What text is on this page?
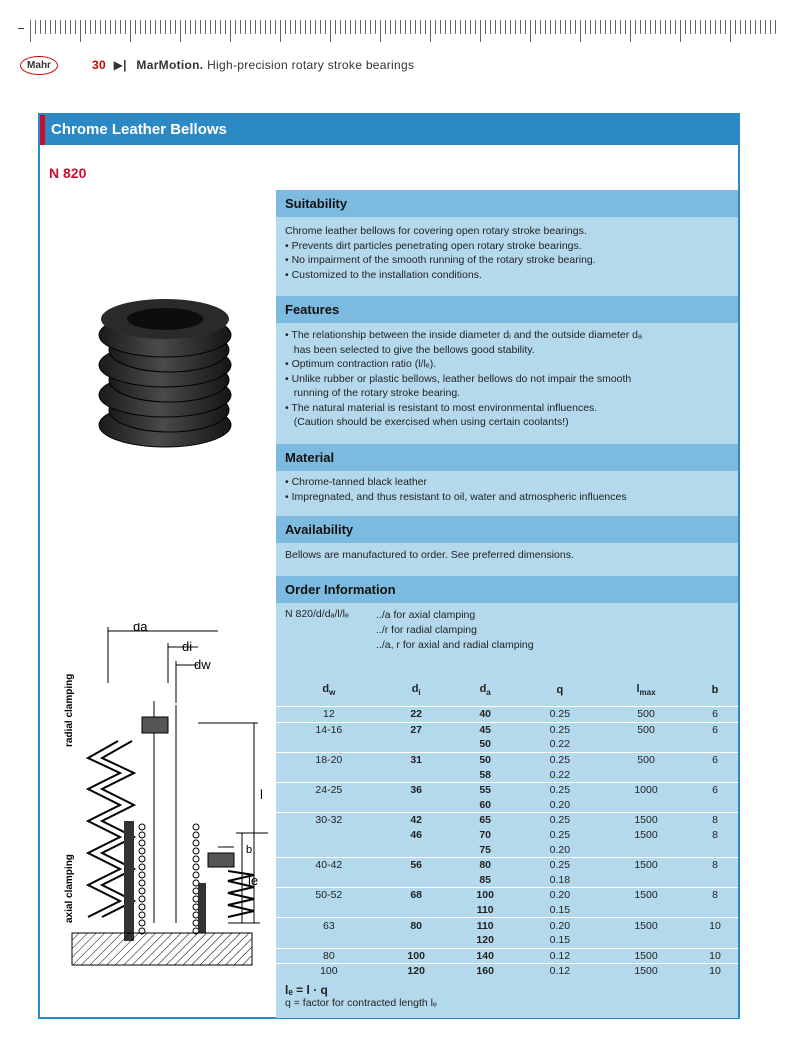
Mahr	30 ▶| MarMotion. High-precision rotary stroke bearings
Chrome Leather Bellows
N 820
da
di
dw
l
b
le
radial clamping
axial clamping
Suitability
Chrome leather bellows for covering open rotary stroke bearings.
• Prevents dirt particles penetrating open rotary stroke bearings.
• No impairment of the smooth running of the rotary stroke bearing.
• Customized to the installation conditions.
Features
• The relationship between the inside diameter dᵢ and the outside diameter dₐ
has been selected to give the bellows good stability.
• Optimum contraction ratio (l/lₑ).
• Unlike rubber or plastic bellows, leather bellows do not impair the smooth
running of the rotary stroke bearing.
• The natural material is resistant to most environmental influences.
(Caution should be exercised when using certain coolants!)
Material
• Chrome-tanned black leather
• Impregnated, and thus resistant to oil, water and atmospheric influences
Availability
Bellows are manufactured to order. See preferred dimensions.
Order Information
N 820/d/dₐ/l/lₑ	../a for axial clamping
../r for radial clamping
../a, r for axial and radial clamping
$d_w$	$d_i$	$d_a$	q	$l_{max}$	b
12	22	40	0.25	500	6
14-16	27	45	0.25	500	6
		50	0.22		
18-20	31	50	0.25	500	6
		58	0.22		
24-25	36	55	0.25	1000	6
		60	0.20		
30-32	42	65	0.25	1500	8
	46	70	0.25	1500	8
		75	0.20		
40-42	56	80	0.25	1500	8
		85	0.18		
50-52	68	100	0.20	1500	8
		110	0.15		
63	80	110	0.20	1500	10
		120	0.15		
80	100	140	0.12	1500	10
100	120	160	0.12	1500	10
lₑ = l · q
q = factor for contracted length lₑ
